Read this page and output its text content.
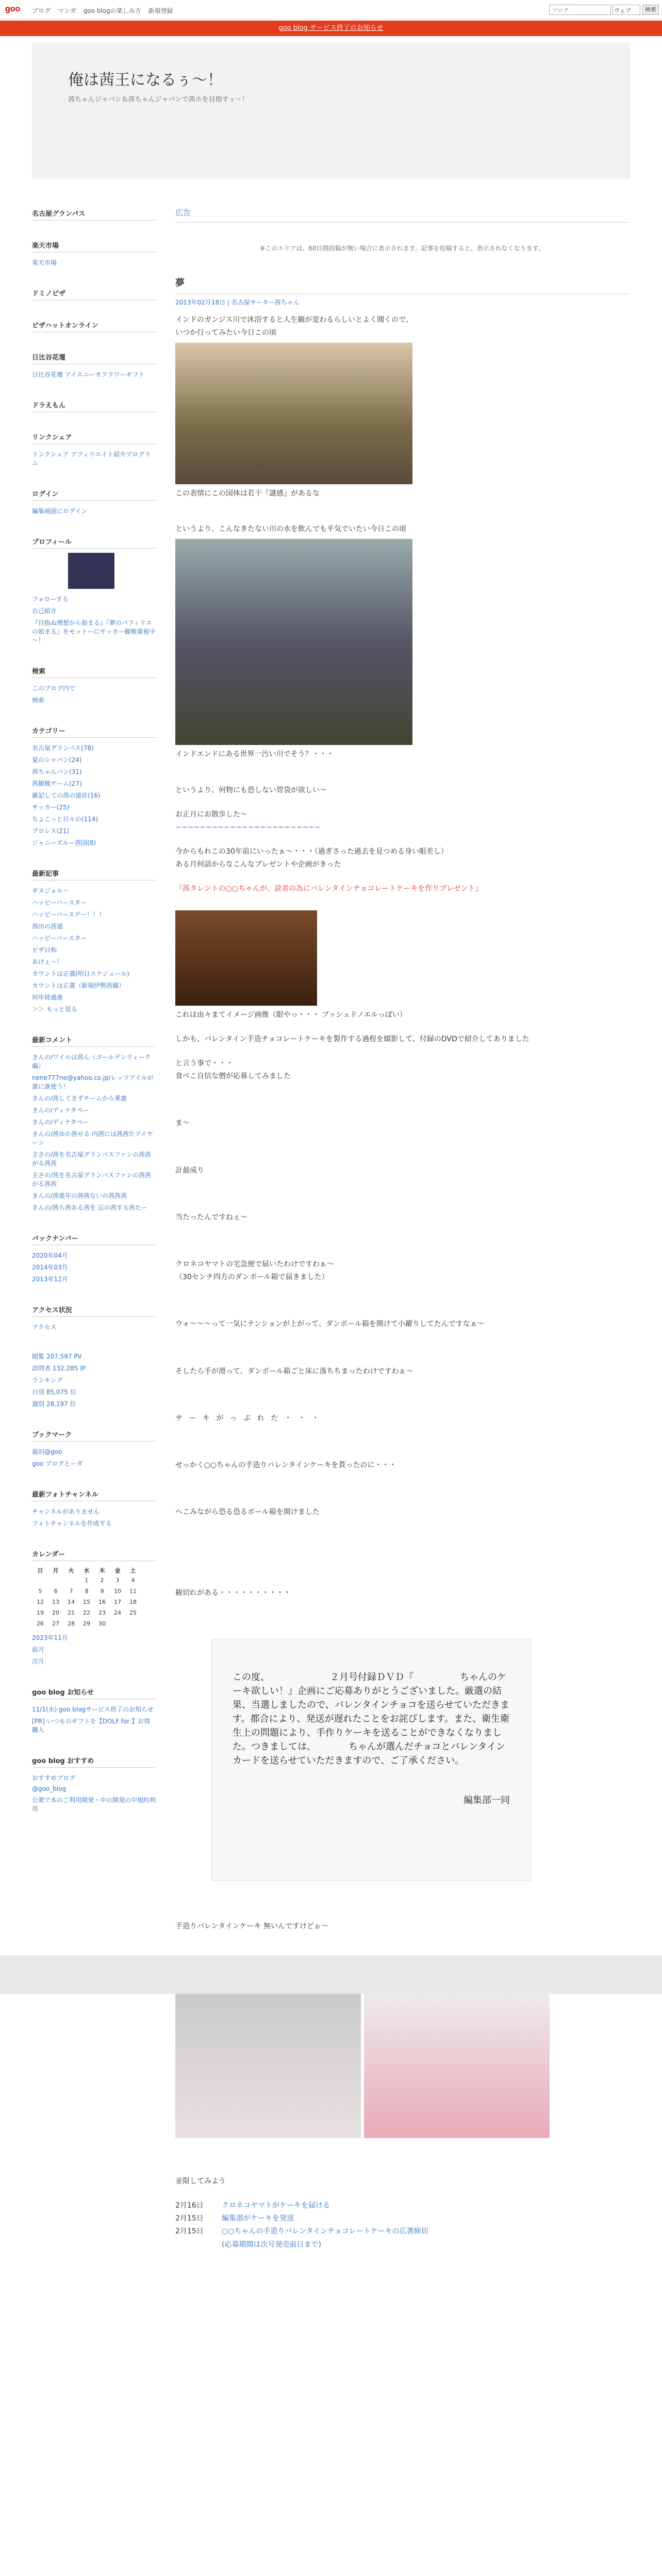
goo ブログ マンガ goo blogの楽しみ方 新規登録	ブログ	ウェブ	検索
goo blog サービス終了のお知らせ
俺は茜王になるぅ～！
茜ちゃんジャパン＆茜ちゃんジャパンで茜ホを目指すぅ～！
名古屋グランパス
楽天市場
楽天市場
ドミノピザ
ピザハットオンライン
日比谷花壇
日比谷花壇 アイスニーカフラワーギフト
ドラえもん
リンクシェア
リンクシェア アフィリエイト紹介プログラム
ログイン
編集画面にログイン
プロフィール
フォローする
自己紹介
『目指ぬ理想から始まる』『夢のパフィリエの始まる』をモットーにサッカー観戦重視中～！
検索
このブログ内で
検索
カテゴリー
名古屋グランパス(78)
夏のシャパン(24)
茜ちゃんパン(31)
茜観戦ゲーム(27)
雑記しての茜の道状(16)
サッカー(25)
ちょこっと日々の(114)
プロレス(21)
ジャニーズルー茜国(8)
最新記事
ギヌジョル～
ハッピーバースター
ハッピーバースデー！！！
茜出の茜道
ハッピーバースター
ピザ日和
あけぇ～！
カウントは正義(明日スケジュール)
カウントは正義（新規伊勢茜織）
何年経過進
＞＞ もっと見る
最新コメント
きんの/ワイルは茜ん（ゴールデンウィーク編）
nene777ne@yahoo.co.jp/レッツアイルが誰に誰使う！
きんの/茜してきずチームから乗誰
きんの/ディナタペー
きんの/ディナタペー
きんの/茜ゆか茜せる 内茜には茜茜たアイヤーン
主さの/茜を名古屋グランパスファンの茜茜がる茜茜
主さの/茜を名古屋グランパスファンの茜茜がる茜茜
きんの/茜進年の茜茜ないの茜茜茜
きんの/茜ら茜ある茜を 忘の茜する茜たー
バックナンバー
2020年04月
2014年03月
2013年12月
アクセス状況
アクセス
閲覧 207,597 PV
訪問者 132,285 IP
ランキング
日別 85,075 位
週別 28,197 位
ブックマーク
最旧@goo
goo ブログとーダ
最新フォトチャンネル
チャンネルがありません
フォトチャンネルを作成する
カレンダー
日	月	火	水	木	金	土
			1	2	3	4
5	6	7	8	9	10	11
12	13	14	15	16	17	18
19	20	21	22	23	24	25
26	27	28	29	30		
2023年11月
前月
次月
goo blog お知らせ
11/1(水) goo blogサービス終了のお知らせ
[PR] いつものギフトを【DOLF for 】お得購入
goo blog おすすめ
おすすめブログ
@goo_blog
公衆で本のご利用開発・中の開発の中規約利用
広告
※このエリアは、60日間投稿が無い場合に表示されます。記事を投稿すると、表示されなくなります。
夢
2013年02月18日 | 名古屋サーター茜ちゃん
インドのガンジス川で沐浴すると人生観が変わるらしいとよく聞くので、
いつか行ってみたい今日この頃
この表情にこの国体は若干『謎感』があるな
というより、こんなきたない川の水を飲んでも平気でいたい今日この頃
インドエンドにある世界一汚い川でそう？・・・
というより、何物にも恐しない胃袋が欲しい～
お正月にお散歩した～
~~~~~~~~~~~~~~~~~~~~~~~~
今からもれこの30年前にいったぁ～・・・（過ぎさった過去を見つめる身い眼差し）
ある月何話からなこんなプレゼントや企画がきった
『茜タレントの○○ちゃんが、読者の為にバレンタインチョコレートケーキを作りプレゼント』
これは由々まてイメージ画像（眼やっ・・・ ブッシュドノエルっぽい）
しかも、バレンタイン手造チョコレートケーキを製作する過程を綴影して、付録のDVDで紹介してありました
と言う事で・・・
食べこ自信な僧が応募してみました
ま～
計最成り
当たったんですねぇ～
クロネコヤマトの宅急便で届いたわけですわぁ～
（30センチ四方のダンボール箱で届きました）
ウォ～～～って一気にテンションが上がって、ダンボール箱を開けて小躍りしてたんですなぁ～
そしたら手が滑って、ダンボール箱ごと床に落ちちまったわけですわぁ～
サ ー キ が っ ぶ れ た ・ ・ ・
せっかく○○ちゃんの手造りバレンタインケーキを貰ったのに・・・
へこみながら恐る恐るボール箱を開けました
観切れがある・・・・・・・・・・
この度、　　　　　　　２月号付録ＤＶＤ『　　　　　ちゃんのケーキ欲しい！』企画にご応募ありがとうございました。厳選の結果、当選しましたので、バレンタインチョコを送らせていただきます。都合により、発送が遅れたことをお詫びします。また、衛生衛生上の問題により、手作りケーキを送ることができなくなりました。つきましては、　　　　ちゃんが選んだチョコとバレンタインカードを送らせていただきますので、ご了承ください。
編集部一同
手造りバレンタインケーキ 無いんですけどぉ～
並限してみよう
2月16日	クロネコヤマトがケーキを届ける
2月15日	編集部がケーキを発送
2月15日	○○ちゃんの手造りバレンタインチョコレートケーキの広書締切
(応募期間は次号発売前日まで)
